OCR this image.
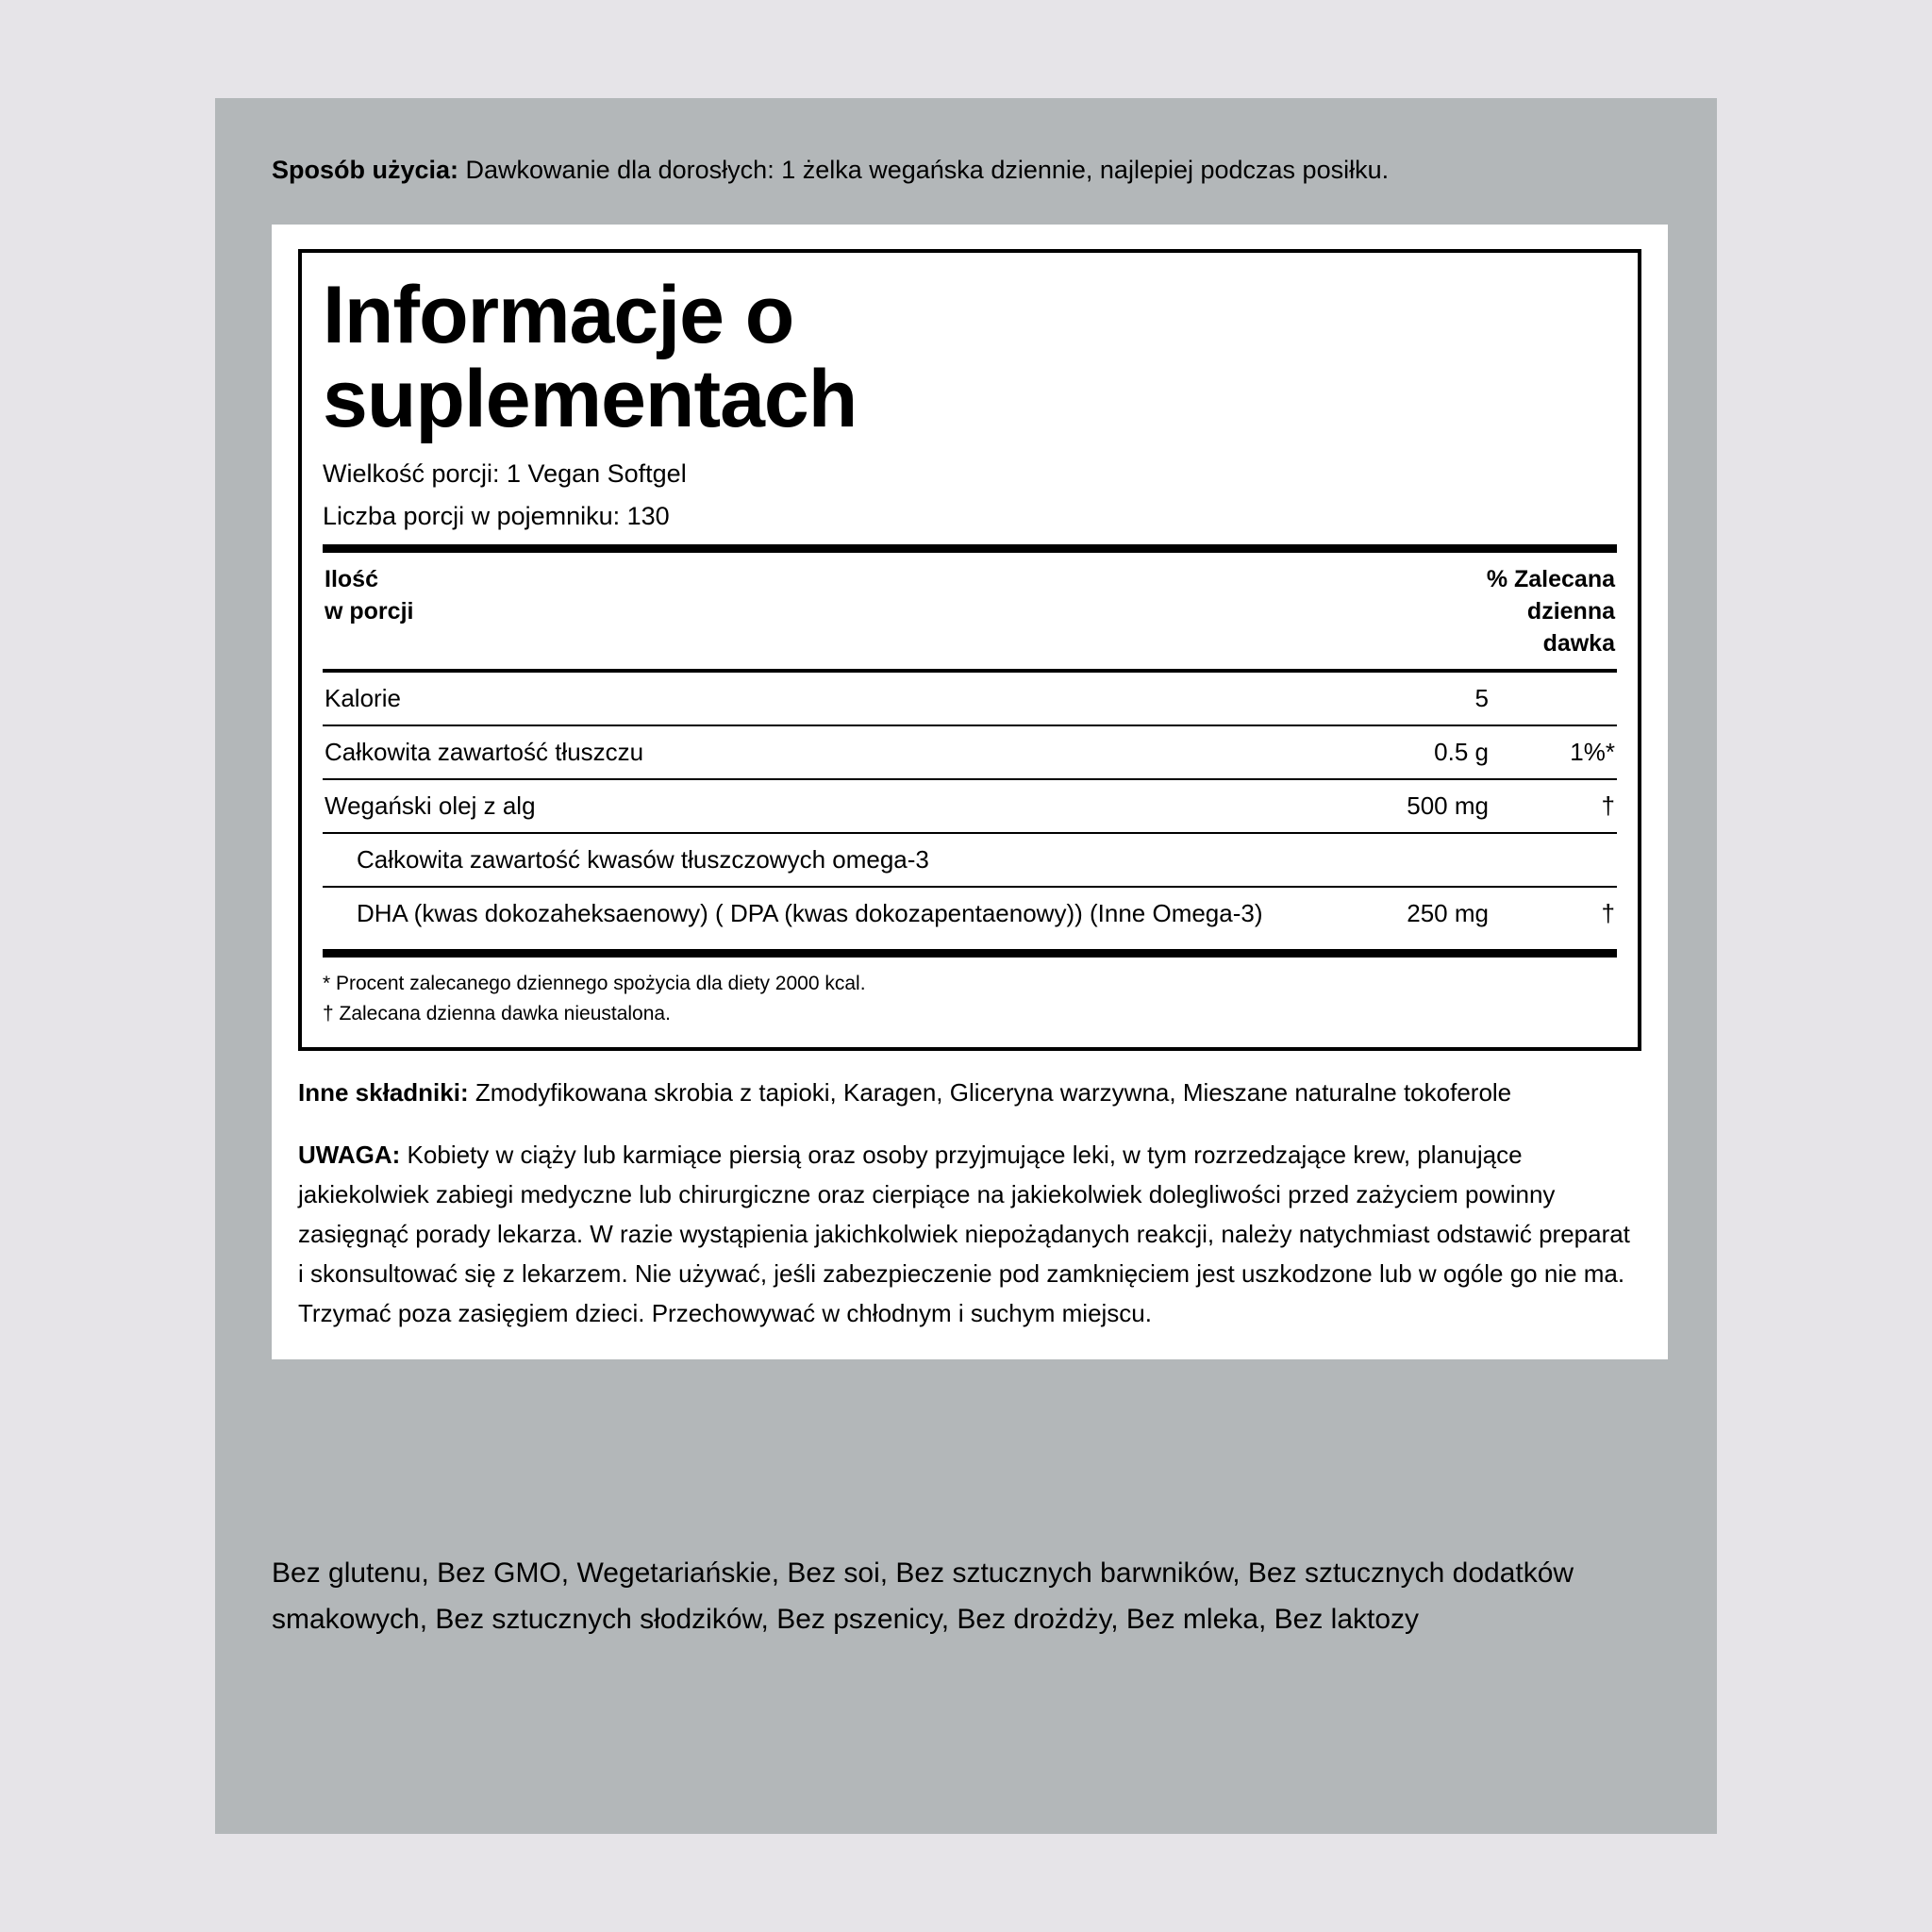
Sposób użycia: Dawkowanie dla dorosłych: 1 żelka wegańska dziennie, najlepiej podczas posiłku.
Informacje o suplementach
Wielkość porcji: 1 Vegan Softgel
Liczba porcji w pojemniku: 130
Ilość
w porcji
% Zalecana
dzienna
dawka
Kalorie	5	
Całkowita zawartość tłuszczu	0.5 g	1%*
Wegański olej z alg	500 mg	†
Całkowita zawartość kwasów tłuszczowych omega-3		
DHA (kwas dokozaheksaenowy) ( DPA (kwas dokozapentaenowy)) (Inne Omega-3)	250 mg	†
* Procent zalecanego dziennego spożycia dla diety 2000 kcal.
† Zalecana dzienna dawka nieustalona.
Inne składniki: Zmodyfikowana skrobia z tapioki, Karagen, Gliceryna warzywna, Mieszane naturalne tokoferole
UWAGA: Kobiety w ciąży lub karmiące piersią oraz osoby przyjmujące leki, w tym rozrzedzające krew, planujące jakiekolwiek zabiegi medyczne lub chirurgiczne oraz cierpiące na jakiekolwiek dolegliwości przed zażyciem powinny zasięgnąć porady lekarza. W razie wystąpienia jakichkolwiek niepożądanych reakcji, należy natychmiast odstawić preparat i skonsultować się z lekarzem. Nie używać, jeśli zabezpieczenie pod zamknięciem jest uszkodzone lub w ogóle go nie ma. Trzymać poza zasięgiem dzieci. Przechowywać w chłodnym i suchym miejscu.
Bez glutenu, Bez GMO, Wegetariańskie, Bez soi, Bez sztucznych barwników, Bez sztucznych dodatków smakowych, Bez sztucznych słodzików, Bez pszenicy, Bez drożdży, Bez mleka, Bez laktozy
